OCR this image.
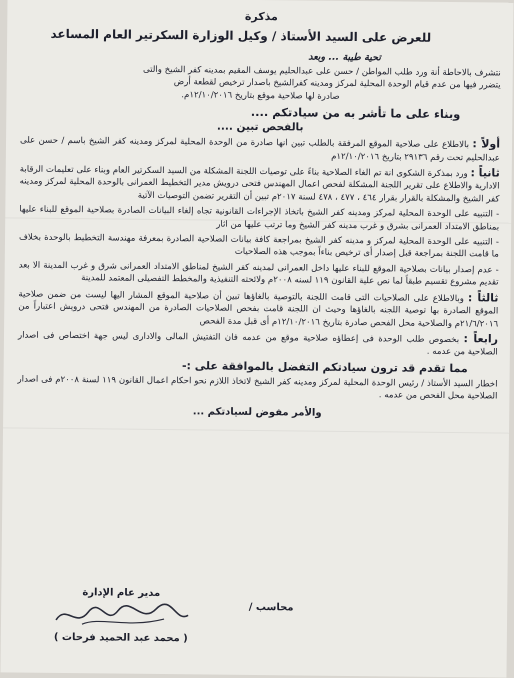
مذكرة
للعرض على السيد الأستاذ / وكيل الوزارة السكرتير العام المساعد
تحية طيبة ... وبعد

نتشرف بالاحاطة أنة ورد طلب المواطن / حسن على عبدالحليم يوسف المقيم بمدينه كفر الشيخ والتى

يتضرر فيها من عدم قيام الوحدة المحلية لمركز ومدينه كفرالشيخ باصدار ترخيص لقطعة أرض

صادرة لها صلاحية موقع بتاريخ ١٢/١٠/٢٠١٦م.

وبناء على ما تأشر به من سيادتكم ....
بالفحص تبين ....

أولاً : بالاطلاع على صلاحية الموقع المرفقة بالطلب تبين انها صادرة من الوحدة المحلية لمركز ومدينه كفر الشيخ باسم / حسن على عبدالحليم تحت رقم ٢٩١٣٦ بتاريخ ١٢/١٠/٢٠١٦م

ثانياً : ورد بمذكرة الشكوى انة تم الغاء الصلاحية بناءً على توصيات اللجنة المشكلة من السيد السكرتير العام وبناء على تعليمات الرقابة الادارية والاطلاع على تقرير اللجنة المشكلة لفحص اعمال المهندس فتحى درويش مدير التخطيط العمرانى بالوحدة المحلية لمركز ومدينه كفر الشيخ والمشكلة بالقرار بقرار ٤٦٤ ، ٤٧٧ ، ٤٧٨ لسنة ٢٠١٧م تبين أن التقرير تضمن التوصيات الآتية

- التنبيه على الوحدة المحلية لمركز ومدينه كفر الشيخ باتخاذ الإجراءات القانونية تجاه إلغاء البيانات الصادرة بصلاحية الموقع للبناء عليها بمناطق الامتداد العمرانى بشرق و غرب مدينه كفر الشيخ وما ترتب عليها من اثار

- التنبيه على الوحدة المحلية لمركز و مدينه كفر الشيخ بمراجعة كافة بيانات الصلاحية الصادرة بمعرفة مهندسة التخطيط بالوحدة بخلاف ما قامت اللجنة بمراجعة قبل إصدار أى ترخيص بناءاً بموجب هذه الصلاحيات

- عدم إصدار بيانات بصلاحية الموقع للبناء عليها داخل العمرانى لمدينه كفر الشيخ لمناطق الامتداد العمرانى شرق و غرب المدينة الا بعد تقديم مشروع تقسيم طبقاً لما نص علية القانون ١١٩ لسنه ٢٠٠٨م ولائحته التنفيذية والمخطط التفصيلى المعتمد للمدينة

ثالثاً : وبالاطلاع على الصلاحيات التى قامت اللجنة بالتوصية بالغاؤها تبين أن صلاحية الموقع المشار اليها ليست من ضمن صلاحية الموقع الصادرة بها توصية اللجنه بالغاؤها وحيث ان اللجنة قامت بفحص الصلاحيات الصادرة من المهندس فتحى درويش اعتباراً من ٢١/٦/٢٠١٦م والصلاحية محل الفحص صادرة بتاريخ ١٢/١٠/٢٠١٦م أى قبل مدة الفحص

رابعاً : بخصوص طلب الوحدة فى إعطاؤه صلاحية موقع من عدمه فان التفتيش المالى والادارى ليس جهة اختصاص فى اصدار الصلاحية من عدمه .

مما تقدم قد ترون سيادتكم التفضل بالموافقة على :-

اخطار السيد الأستاذ / رئيس الوحدة المحلية لمركز ومدينه كفر الشيخ لاتخاذ اللازم نحو احكام اعمال القانون ١١٩ لسنة ٢٠٠٨م فى اصدار الصلاحية محل الفحص من عدمه .

والأمر مفوض لسيادتكم ...
محاسب /
مدير عام الإدارة
( محمد عبد الحميد فرحات )
